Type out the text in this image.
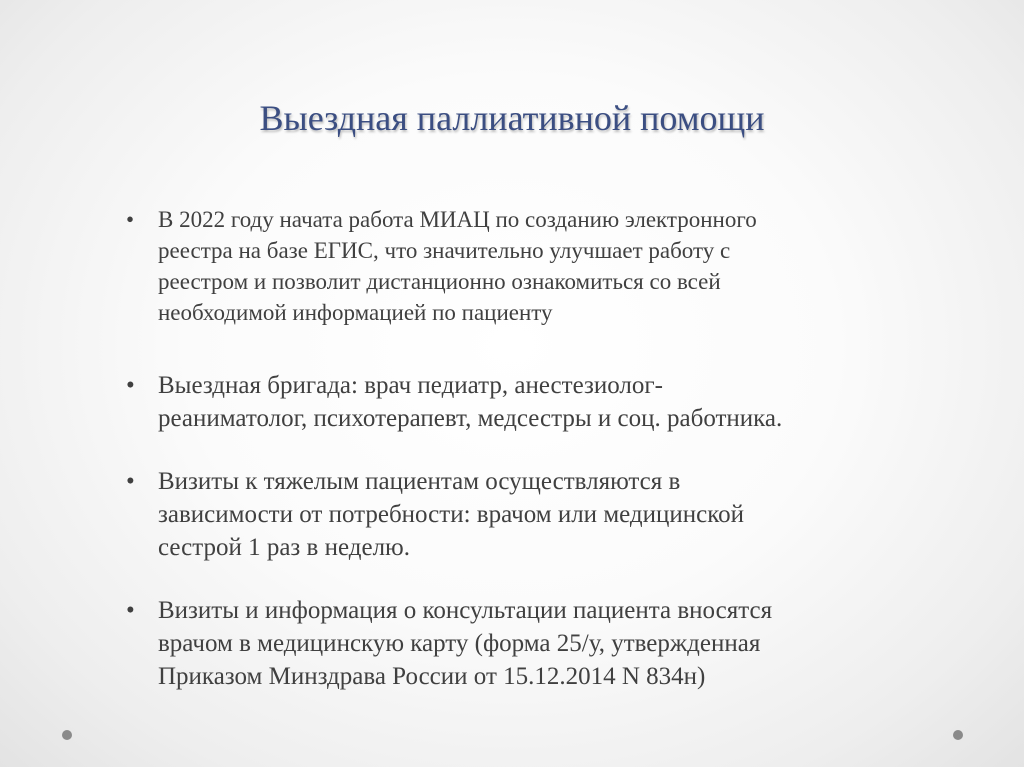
Выездная паллиативной помощи
• В 2022 году начата работа МИАЦ по созданию электронного
реестра на базе ЕГИС, что значительно улучшает работу с
реестром и позволит дистанционно ознакомиться со всей
необходимой информацией по пациенту
• Выездная бригада: врач педиатр, анестезиолог-
реаниматолог, психотерапевт, медсестры и соц. работника.
• Визиты к тяжелым пациентам осуществляются в
зависимости от потребности: врачом или медицинской
сестрой 1 раз в неделю.
• Визиты и информация о консультации пациента вносятся
врачом в медицинскую карту (форма 25/у, утвержденная
Приказом Минздрава России от 15.12.2014 N 834н)
